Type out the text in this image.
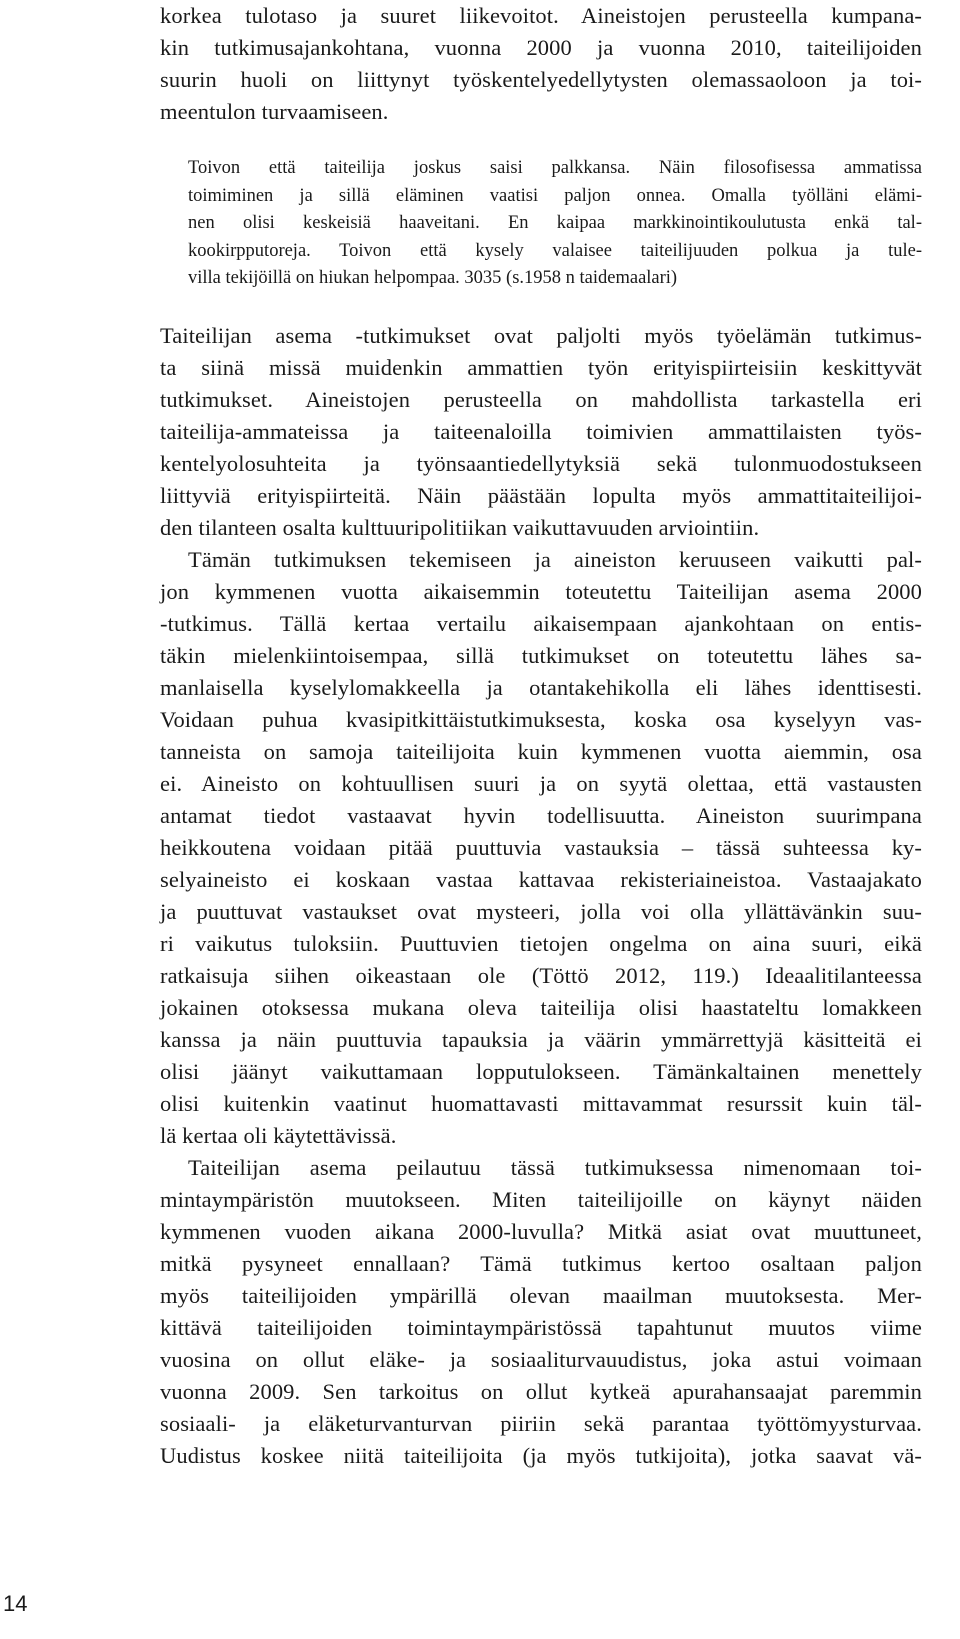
korkea tulotaso ja suuret liikevoitot. Aineistojen perusteella kumpana-
kin tutkimusajankohtana, vuonna 2000 ja vuonna 2010, taiteilijoiden
suurin huoli on liittynyt työskentelyedellytysten olemassaoloon ja toi-
meentulon turvaamiseen.
Toivon että taiteilija joskus saisi palkkansa. Näin filosofisessa ammatissa
toimiminen ja sillä eläminen vaatisi paljon onnea. Omalla työlläni elämi-
nen olisi keskeisiä haaveitani. En kaipaa markkinointikoulutusta enkä tal-
kookirpputoreja. Toivon että kysely valaisee taiteilijuuden polkua ja tule-
villa tekijöillä on hiukan helpompaa. 3035 (s.1958 n taidemaalari)
Taiteilijan asema -tutkimukset ovat paljolti myös työelämän tutkimus-
ta siinä missä muidenkin ammattien työn erityispiirteisiin keskittyvät
tutkimukset. Aineistojen perusteella on mahdollista tarkastella eri
taiteilija-ammateissa ja taiteenaloilla toimivien ammattilaisten työs-
kentelyolosuhteita ja työnsaantiedellytyksiä sekä tulonmuodostukseen
liittyviä erityispiirteitä. Näin päästään lopulta myös ammattitaiteilijoi-
den tilanteen osalta kulttuuripolitiikan vaikuttavuuden arviointiin.
Tämän tutkimuksen tekemiseen ja aineiston keruuseen vaikutti pal-
jon kymmenen vuotta aikaisemmin toteutettu Taiteilijan asema 2000
-tutkimus. Tällä kertaa vertailu aikaisempaan ajankohtaan on entis-
täkin mielenkiintoisempaa, sillä tutkimukset on toteutettu lähes sa-
manlaisella kyselylomakkeella ja otantakehikolla eli lähes identtisesti.
Voidaan puhua kvasipitkittäistutkimuksesta, koska osa kyselyyn vas-
tanneista on samoja taiteilijoita kuin kymmenen vuotta aiemmin, osa
ei. Aineisto on kohtuullisen suuri ja on syytä olettaa, että vastausten
antamat tiedot vastaavat hyvin todellisuutta. Aineiston suurimpana
heikkoutena voidaan pitää puuttuvia vastauksia – tässä suhteessa ky-
selyaineisto ei koskaan vastaa kattavaa rekisteriaineistoa. Vastaajakato
ja puuttuvat vastaukset ovat mysteeri, jolla voi olla yllättävänkin suu-
ri vaikutus tuloksiin. Puuttuvien tietojen ongelma on aina suuri, eikä
ratkaisuja siihen oikeastaan ole (Töttö 2012, 119.) Ideaalitilanteessa
jokainen otoksessa mukana oleva taiteilija olisi haastateltu lomakkeen
kanssa ja näin puuttuvia tapauksia ja väärin ymmärrettyjä käsitteitä ei
olisi jäänyt vaikuttamaan lopputulokseen. Tämänkaltainen menettely
olisi kuitenkin vaatinut huomattavasti mittavammat resurssit kuin täl-
lä kertaa oli käytettävissä.
Taiteilijan asema peilautuu tässä tutkimuksessa nimenomaan toi-
mintaympäristön muutokseen. Miten taiteilijoille on käynyt näiden
kymmenen vuoden aikana 2000-luvulla? Mitkä asiat ovat muuttuneet,
mitkä pysyneet ennallaan? Tämä tutkimus kertoo osaltaan paljon
myös taiteilijoiden ympärillä olevan maailman muutoksesta. Mer-
kittävä taiteilijoiden toimintaympäristössä tapahtunut muutos viime
vuosina on ollut eläke- ja sosiaaliturvauudistus, joka astui voimaan
vuonna 2009. Sen tarkoitus on ollut kytkeä apurahansaajat paremmin
sosiaali- ja eläketurvanturvan piiriin sekä parantaa työttömyysturvaa.
Uudistus koskee niitä taiteilijoita (ja myös tutkijoita), jotka saavat vä-
14
